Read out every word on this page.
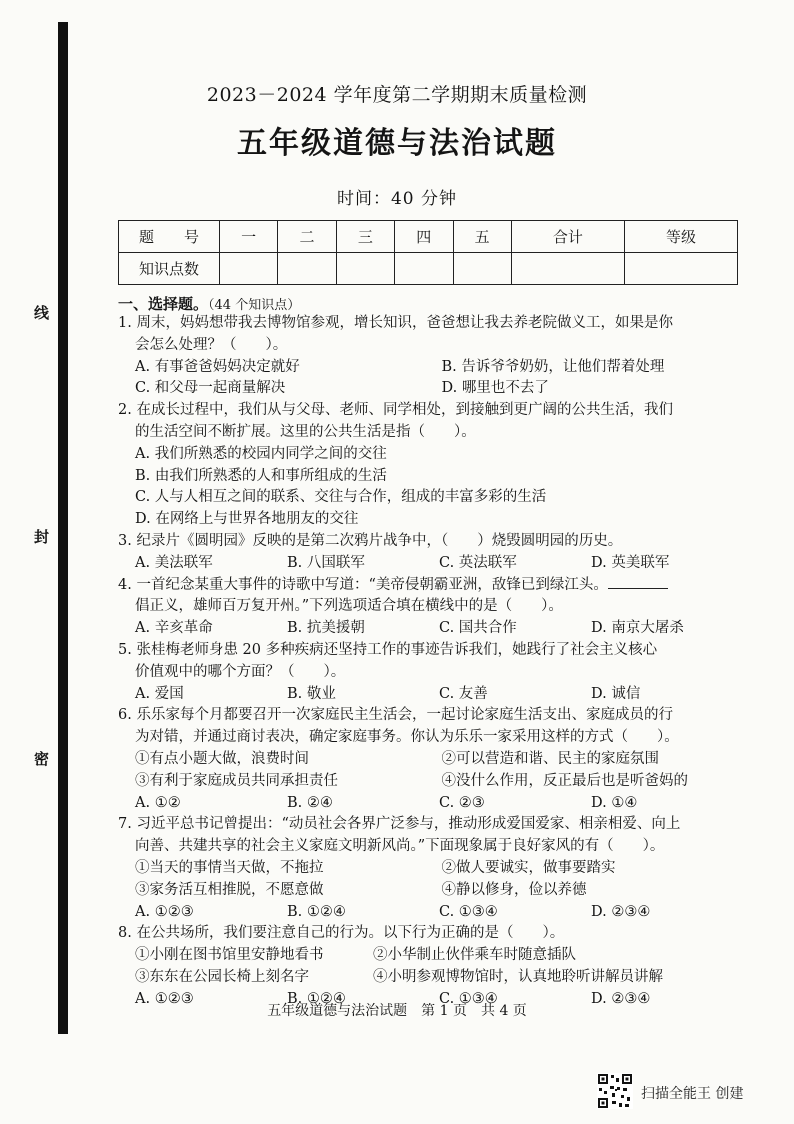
线
封
密
2023－2024 学年度第二学期期末质量检测
五年级道德与法治试题
时间：40 分钟
题　　号	一	二	三	四	五	合计	等级
知识点数							
一、选择题。（44 个知识点）
1. 周末，妈妈想带我去博物馆参观，增长知识，爸爸想让我去养老院做义工，如果是你
会怎么处理？（　　）。
A. 有事爸爸妈妈决定就好	B. 告诉爷爷奶奶，让他们帮着处理
C. 和父母一起商量解决	D. 哪里也不去了
2. 在成长过程中，我们从与父母、老师、同学相处，到接触到更广阔的公共生活，我们
的生活空间不断扩展。这里的公共生活是指（　　）。
A. 我们所熟悉的校园内同学之间的交往
B. 由我们所熟悉的人和事所组成的生活
C. 人与人相互之间的联系、交往与合作，组成的丰富多彩的生活
D. 在网络上与世界各地朋友的交往
3. 纪录片《圆明园》反映的是第二次鸦片战争中，（　　）烧毁圆明园的历史。
A. 美法联军	B. 八国联军	C. 英法联军	D. 英美联军
4. 一首纪念某重大事件的诗歌中写道：“美帝侵朝霸亚洲，敌锋已到绿江头。
倡正义，雄师百万复开州。”下列选项适合填在横线中的是（　　）。
A. 辛亥革命	B. 抗美援朝	C. 国共合作	D. 南京大屠杀
5. 张桂梅老师身患 20 多种疾病还坚持工作的事迹告诉我们，她践行了社会主义核心
价值观中的哪个方面？（　　）。
A. 爱国	B. 敬业	C. 友善	D. 诚信
6. 乐乐家每个月都要召开一次家庭民主生活会，一起讨论家庭生活支出、家庭成员的行
为对错，并通过商讨表决，确定家庭事务。你认为乐乐一家采用这样的方式（　　）。
①有点小题大做，浪费时间	②可以营造和谐、民主的家庭氛围
③有利于家庭成员共同承担责任	④没什么作用，反正最后也是听爸妈的
A. ①②	B. ②④	C. ②③	D. ①④
7. 习近平总书记曾提出：“动员社会各界广泛参与，推动形成爱国爱家、相亲相爱、向上
向善、共建共享的社会主义家庭文明新风尚。”下面现象属于良好家风的有（　　）。
①当天的事情当天做，不拖拉	②做人要诚实，做事要踏实
③家务活互相推脱，不愿意做	④静以修身，俭以养德
A. ①②③	B. ①②④	C. ①③④	D. ②③④
8. 在公共场所，我们要注意自己的行为。以下行为正确的是（　　）。
①小刚在图书馆里安静地看书	②小华制止伙伴乘车时随意插队
③东东在公园长椅上刻名字	④小明参观博物馆时，认真地聆听讲解员讲解
A. ①②③	B. ①②④	C. ①③④	D. ②③④
五年级道德与法治试题　第 1 页　共 4 页
扫描全能王 创建
